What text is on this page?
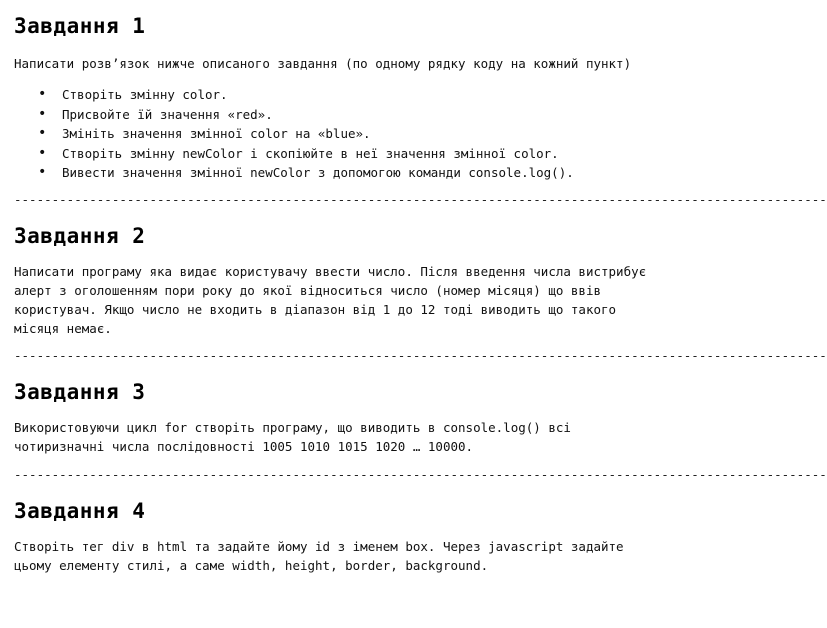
Завдання 1

Написати розв’язок нижче описаного завдання (по одному рядку коду на кожний пункт)

• Створіть змінну color.
• Присвойте їй значення «red».
• Змініть значення змінної color на «blue».
• Створіть змінну newColor і скопіюйте в неї значення змінної color.
• Вивести значення змінної newColor з допомогою команди console.log().
------------------------------------------------------------------------------------------------------------
Завдання 2

Написати програму яка видає користувачу ввести число. Після введення числа вистрибує

алерт з оголошенням пори року до якої відноситься число (номер місяця) що ввів

користувач. Якщо число не входить в діапазон від 1 до 12 тоді виводить що такого

місяця немає.

------------------------------------------------------------------------------------------------------------
Завдання 3

Використовуючи цикл for створіть програму, що виводить в console.log() всі

чотиризначні числа послідовності 1005 1010 1015 1020 … 10000.

------------------------------------------------------------------------------------------------------------
Завдання 4

Створіть тег div в html та задайте йому id з іменем box. Через javascript задайте

цьому елементу стилі, а саме width, height, border, background.
